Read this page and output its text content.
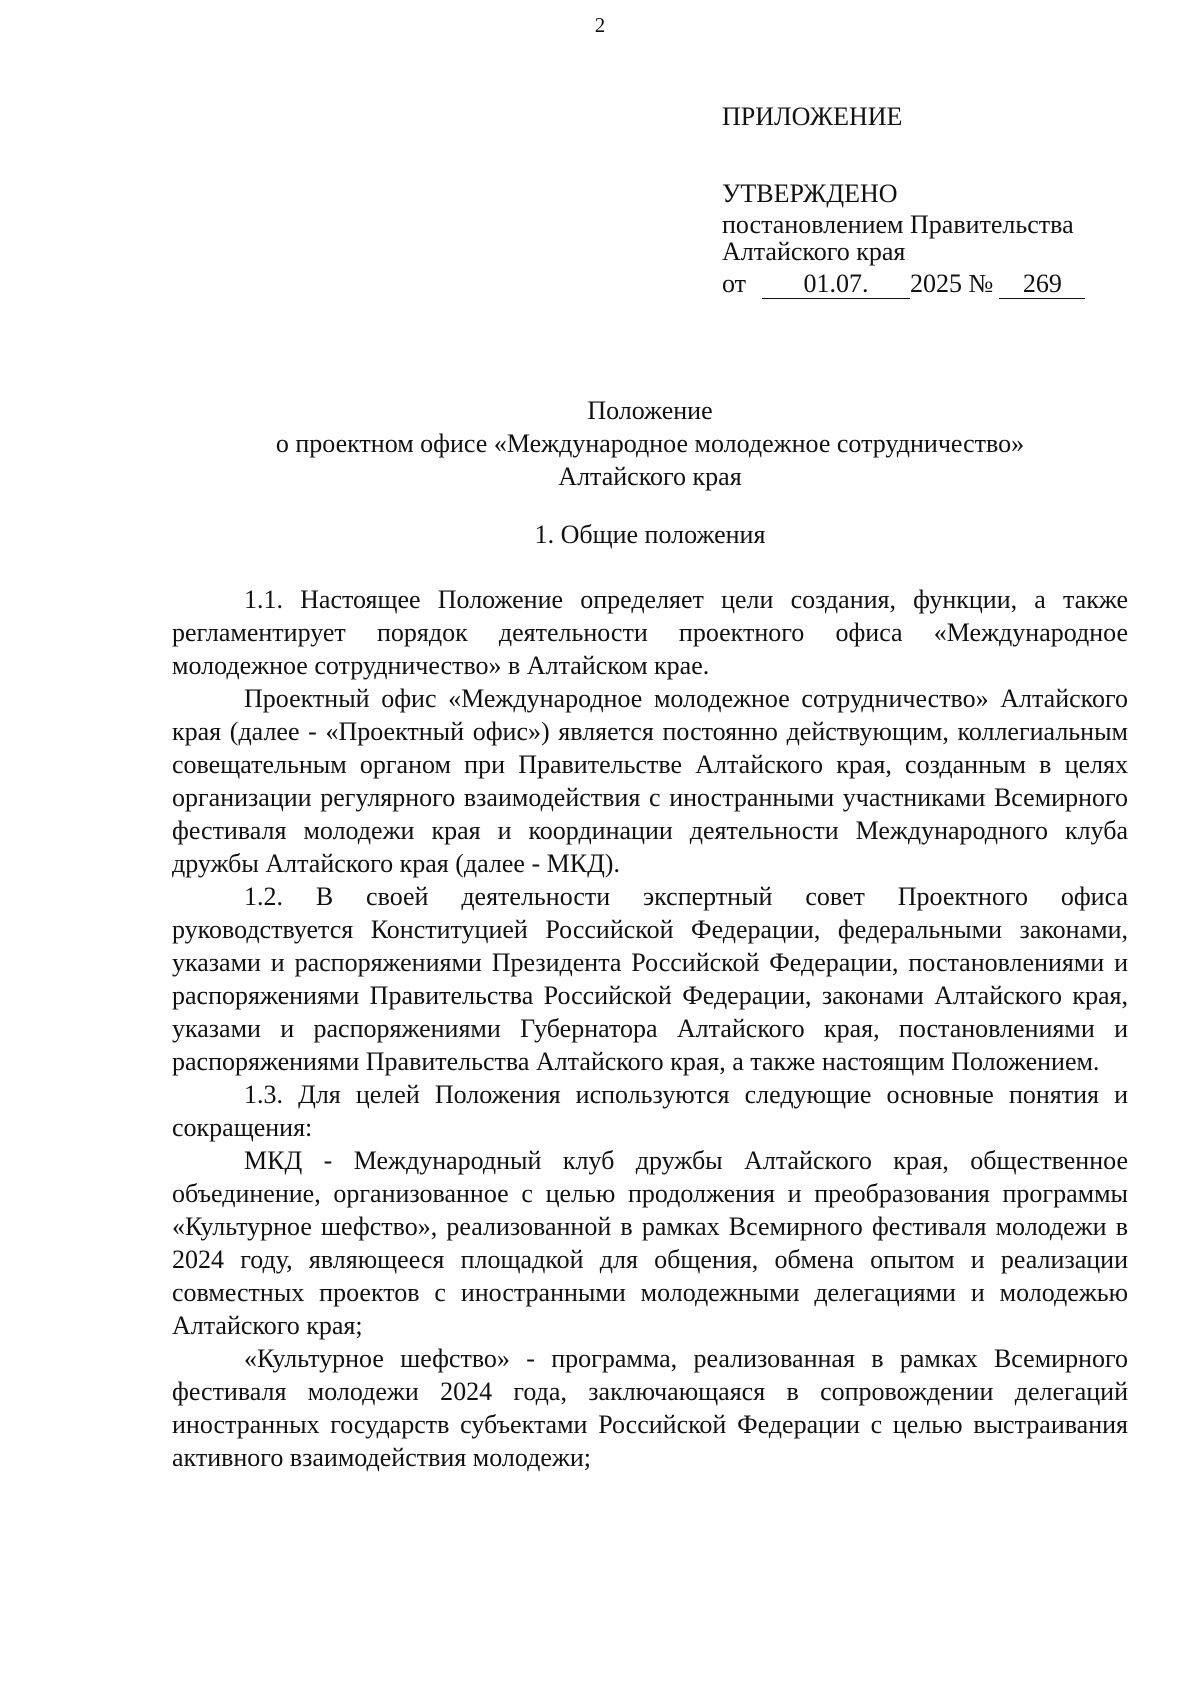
2
ПРИЛОЖЕНИЕ
УТВЕРЖДЕНО
постановлением Правительства
Алтайского края
от 01.07. 2025 № 269
Положение
о проектном офисе «Международное молодежное сотрудничество»
Алтайского края
1. Общие положения

1.1. Настоящее Положение определяет цели создания, функции, а также регламентирует порядок деятельности проектного офиса «Международное молодежное сотрудничество» в Алтайском крае.

Проектный офис «Международное молодежное сотрудничество» Алтайского края (далее - «Проектный офис») является постоянно действующим, коллегиальным совещательным органом при Правительстве Алтайского края, созданным в целях организации регулярного взаимодействия с иностранными участниками Всемирного фестиваля молодежи края и координации деятельности Международного клуба дружбы Алтайского края (далее - МКД).

1.2. В своей деятельности экспертный совет Проектного офиса руководствуется Конституцией Российской Федерации, федеральными законами, указами и распоряжениями Президента Российской Федерации, постановлениями и распоряжениями Правительства Российской Федерации, законами Алтайского края, указами и распоряжениями Губернатора Алтайского края, постановлениями и распоряжениями Правительства Алтайского края, а также настоящим Положением.

1.3. Для целей Положения используются следующие основные понятия и сокращения:

МКД - Международный клуб дружбы Алтайского края, общественное объединение, организованное с целью продолжения и преобразования программы «Культурное шефство», реализованной в рамках Всемирного фестиваля молодежи в 2024 году, являющееся площадкой для общения, обмена опытом и реализации совместных проектов с иностранными молодежными делегациями и молодежью Алтайского края;

«Культурное шефство» - программа, реализованная в рамках Всемирного фестиваля молодежи 2024 года, заключающаяся в сопровождении делегаций иностранных государств субъектами Российской Федерации с целью выстраивания активного взаимодействия молодежи;
